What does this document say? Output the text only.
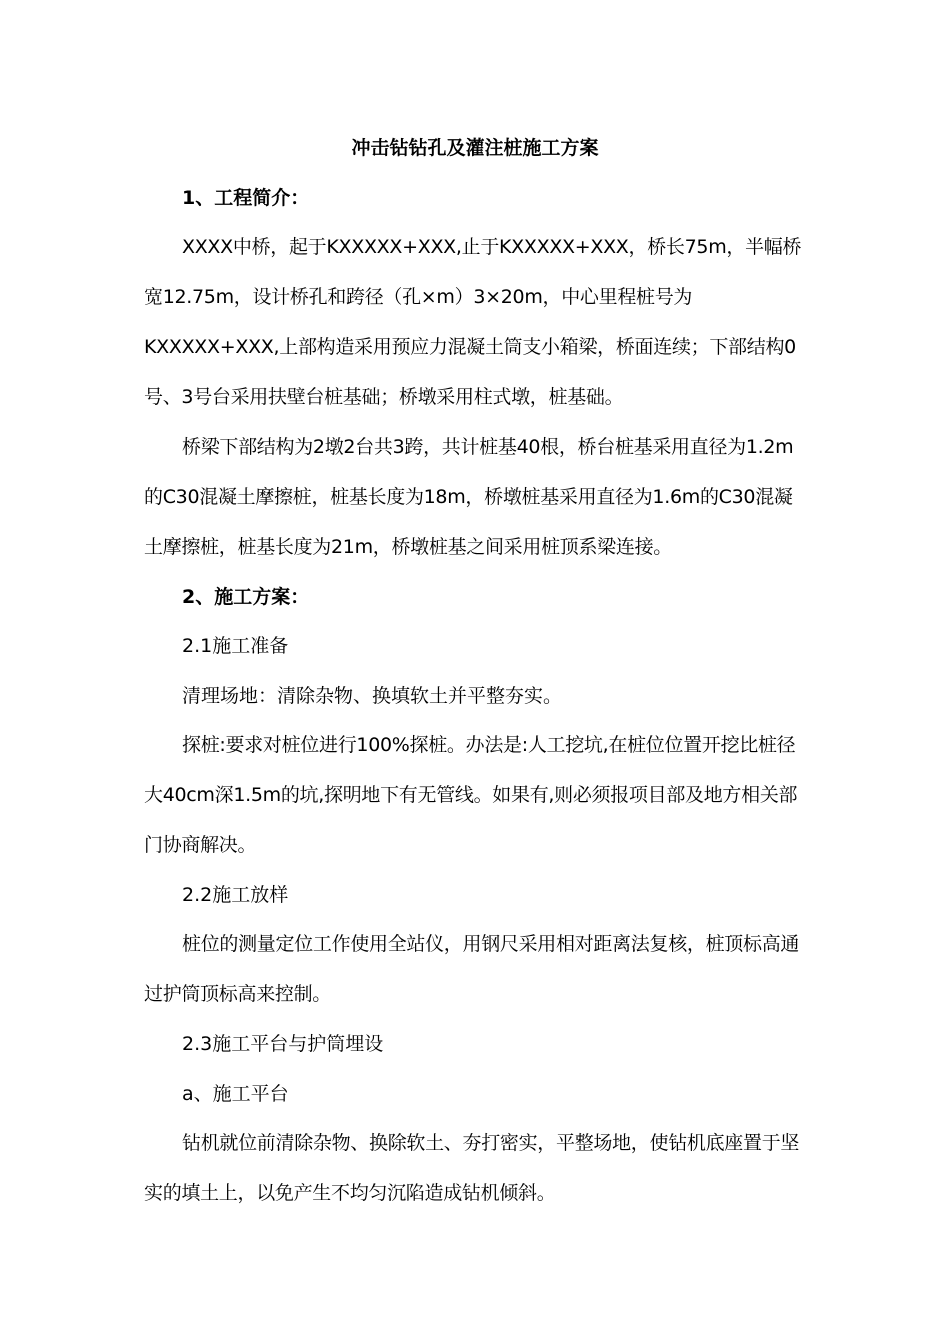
冲击钻钻孔及灌注桩施工方案
1、工程简介：
XXXX中桥，起于KXXXXX+XXX,止于KXXXXX+XXX，桥长75m，半幅桥宽12.75m，设计桥孔和跨径（孔×m）3×20m，中心里程桩号为KXXXXX+XXX,上部构造采用预应力混凝土筒支小箱梁，桥面连续；下部结构0号、3号台采用扶壁台桩基础；桥墩采用柱式墩，桩基础。
桥梁下部结构为2墩2台共3跨，共计桩基40根，桥台桩基采用直径为1.2m的C30混凝土摩擦桩，桩基长度为18m，桥墩桩基采用直径为1.6m的C30混凝土摩擦桩，桩基长度为21m，桥墩桩基之间采用桩顶系梁连接。
2、施工方案：
2.1施工准备
清理场地：清除杂物、换填软土并平整夯实。
探桩:要求对桩位进行100%探桩。办法是:人工挖坑,在桩位位置开挖比桩径大40cm深1.5m的坑,探明地下有无管线。如果有,则必须报项目部及地方相关部门协商解决。
2.2施工放样
桩位的测量定位工作使用全站仪，用钢尺采用相对距离法复核，桩顶标高通过护筒顶标高来控制。
2.3施工平台与护筒埋设
a、施工平台
钻机就位前清除杂物、换除软土、夯打密实，平整场地，使钻机底座置于坚实的填土上，以免产生不均匀沉陷造成钻机倾斜。
